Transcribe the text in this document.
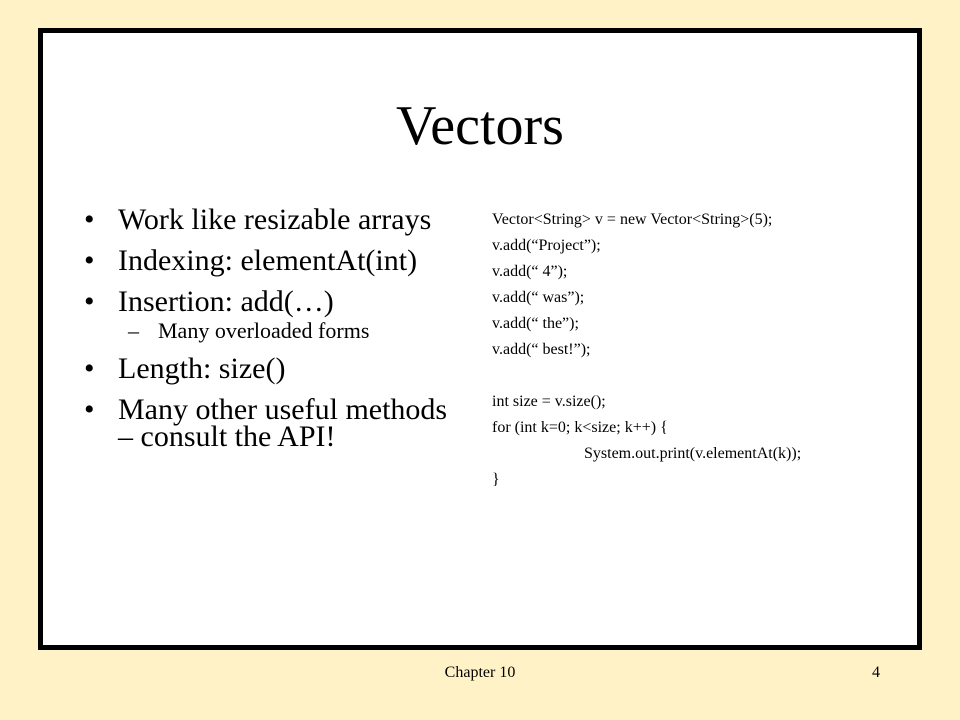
Vectors
• Work like resizable arrays
• Indexing: elementAt(int)
• Insertion: add(…)
– Many overloaded forms
• Length: size()
• Many other useful methods – consult the API!
Vector<String> v = new Vector<String>(5);
v.add(“Project”);
v.add(“ 4”);
v.add(“ was”);
v.add(“ the”);
v.add(“ best!”);
int size = v.size();
for (int k=0; k<size; k++) {
System.out.print(v.elementAt(k));
}
Chapter 10	4
